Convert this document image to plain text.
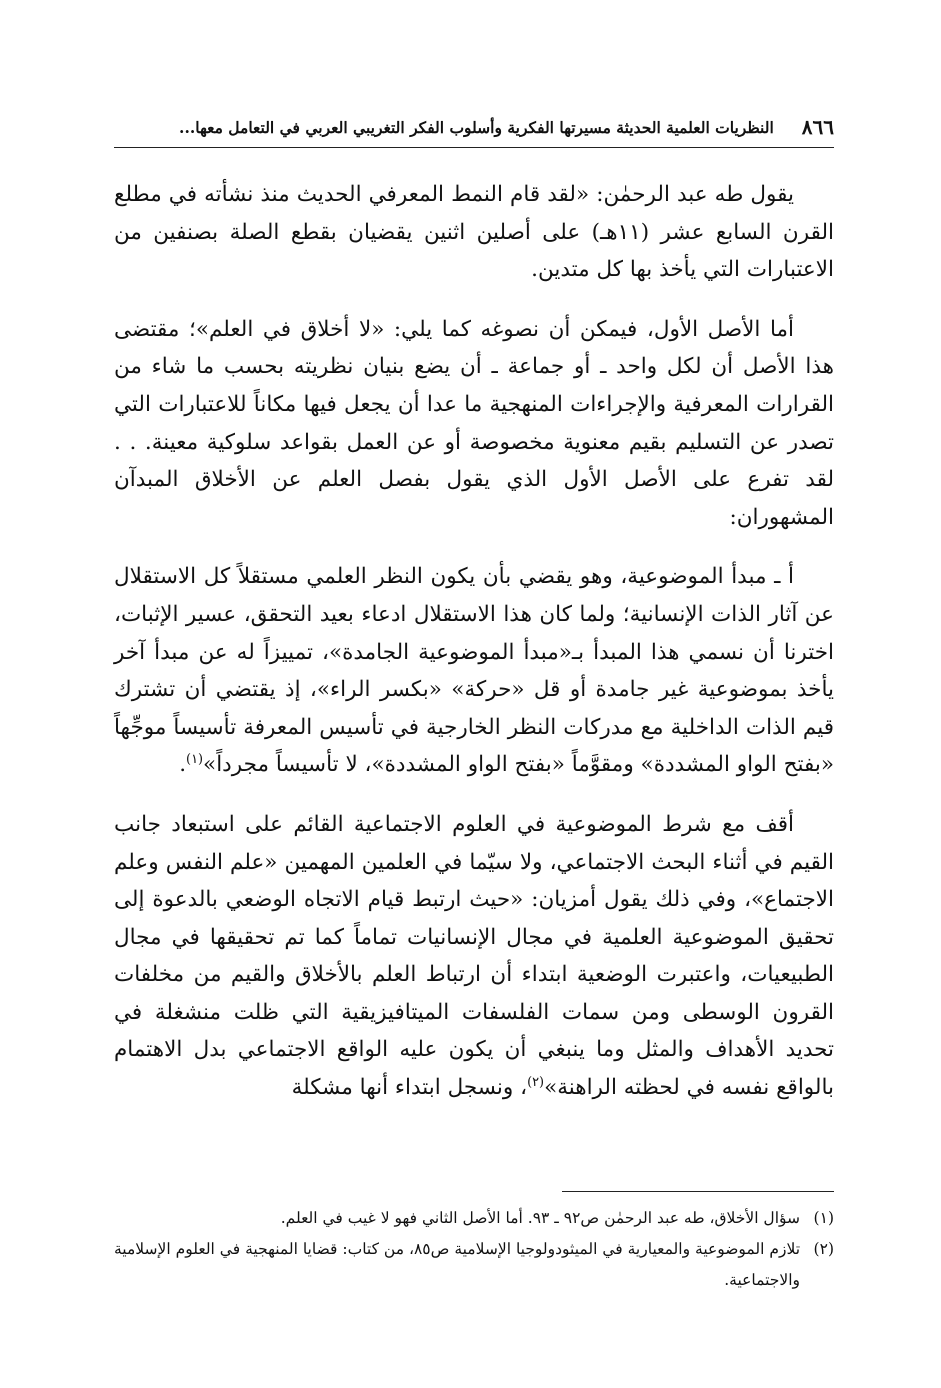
٨٦٦
النظريات العلمية الحديثة مسيرتها الفكرية وأسلوب الفكر التغريبي العربي في التعامل معها...

يقول طه عبد الرحمٰن: «لقد قام النمط المعرفي الحديث منذ نشأته في مطلع القرن السابع عشر (١١هـ) على أصلين اثنين يقضيان بقطع الصلة بصنفين من الاعتبارات التي يأخذ بها كل متدين.

أما الأصل الأول، فيمكن أن نصوغه كما يلي: «لا أخلاق في العلم»؛ مقتضى هذا الأصل أن لكل واحد ـ أو جماعة ـ أن يضع بنيان نظريته بحسب ما شاء من القرارات المعرفية والإجراءات المنهجية ما عدا أن يجعل فيها مكاناً للاعتبارات التي تصدر عن التسليم بقيم معنوية مخصوصة أو عن العمل بقواعد سلوكية معينة. . . لقد تفرع على الأصل الأول الذي يقول بفصل العلم عن الأخلاق المبدآن المشهوران:

أ ـ مبدأ الموضوعية، وهو يقضي بأن يكون النظر العلمي مستقلاً كل الاستقلال عن آثار الذات الإنسانية؛ ولما كان هذا الاستقلال ادعاء بعيد التحقق، عسير الإثبات، اخترنا أن نسمي هذا المبدأ بـ«مبدأ الموضوعية الجامدة»، تمييزاً له عن مبدأ آخر يأخذ بموضوعية غير جامدة أو قل «حركة» «بكسر الراء»، إذ يقتضي أن تشترك قيم الذات الداخلية مع مدركات النظر الخارجية في تأسيس المعرفة تأسيساً موجِّهاً «بفتح الواو المشددة» ومقوَّماً «بفتح الواو المشددة»، لا تأسيساً مجرداً»$^{(١)}$.

أقف مع شرط الموضوعية في العلوم الاجتماعية القائم على استبعاد جانب القيم في أثناء البحث الاجتماعي، ولا سيّما في العلمين المهمين «علم النفس وعلم الاجتماع»، وفي ذلك يقول أمزيان: «حيث ارتبط قيام الاتجاه الوضعي بالدعوة إلى تحقيق الموضوعية العلمية في مجال الإنسانيات تماماً كما تم تحقيقها في مجال الطبيعيات، واعتبرت الوضعية ابتداء أن ارتباط العلم بالأخلاق والقيم من مخلفات القرون الوسطى ومن سمات الفلسفات الميتافيزيقية التي ظلت منشغلة في تحديد الأهداف والمثل وما ينبغي أن يكون عليه الواقع الاجتماعي بدل الاهتمام بالواقع نفسه في لحظته الراهنة»$^{(٢)}$، ونسجل ابتداء أنها مشكلة

(١)
سؤال الأخلاق، طه عبد الرحمٰن ص٩٢ ـ ٩٣. أما الأصل الثاني فهو لا غيب في العلم.
(٢)
تلازم الموضوعية والمعيارية في الميثودولوجيا الإسلامية ص٨٥، من كتاب: قضايا المنهجية في العلوم الإسلامية والاجتماعية.
